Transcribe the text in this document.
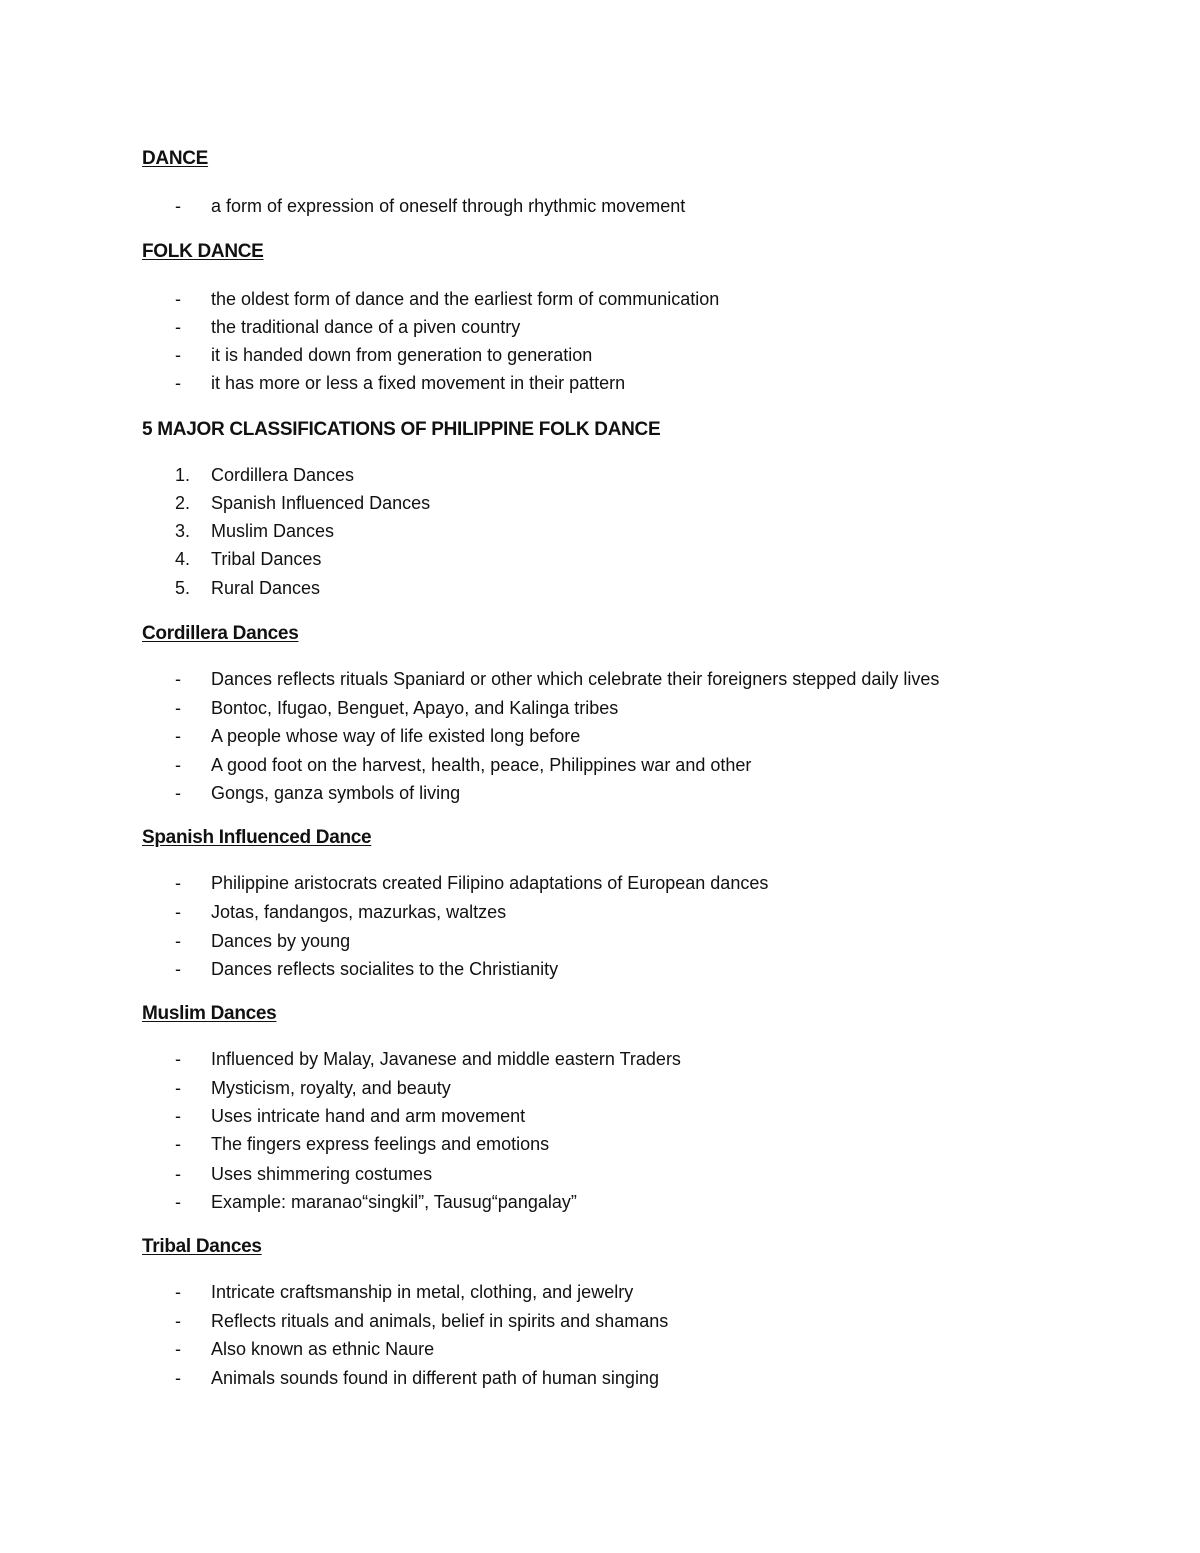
DANCE
-	a form of expression of oneself through rhythmic movement
FOLK DANCE
-	the oldest form of dance and the earliest form of communication
-	the traditional dance of a piven country
-	it is handed down from generation to generation
-	it has more or less a fixed movement in their pattern
5 MAJOR CLASSIFICATIONS OF PHILIPPINE FOLK DANCE
1.	Cordillera Dances
2.	Spanish Influenced Dances
3.	Muslim Dances
4.	Tribal Dances
5.	Rural Dances
Cordillera Dances
-	Dances reflects rituals Spaniard or other which celebrate their foreigners stepped daily lives
-	Bontoc, Ifugao, Benguet, Apayo, and Kalinga tribes
-	A people whose way of life existed long before
-	A good foot on the harvest, health, peace, Philippines war and other
-	Gongs, ganza symbols of living
Spanish Influenced Dance
-	Philippine aristocrats created Filipino adaptations of European dances
-	Jotas, fandangos, mazurkas, waltzes
-	Dances by young
-	Dances reflects socialites to the Christianity
Muslim Dances
-	Influenced by Malay, Javanese and middle eastern Traders
-	Mysticism, royalty, and beauty
-	Uses intricate hand and arm movement
-	The fingers express feelings and emotions
-	Uses shimmering costumes
-	Example: maranao“singkil”, Tausug“pangalay”
Tribal Dances
-	Intricate craftsmanship in metal, clothing, and jewelry
-	Reflects rituals and animals, belief in spirits and shamans
-	Also known as ethnic Naure
-	Animals sounds found in different path of human singing
